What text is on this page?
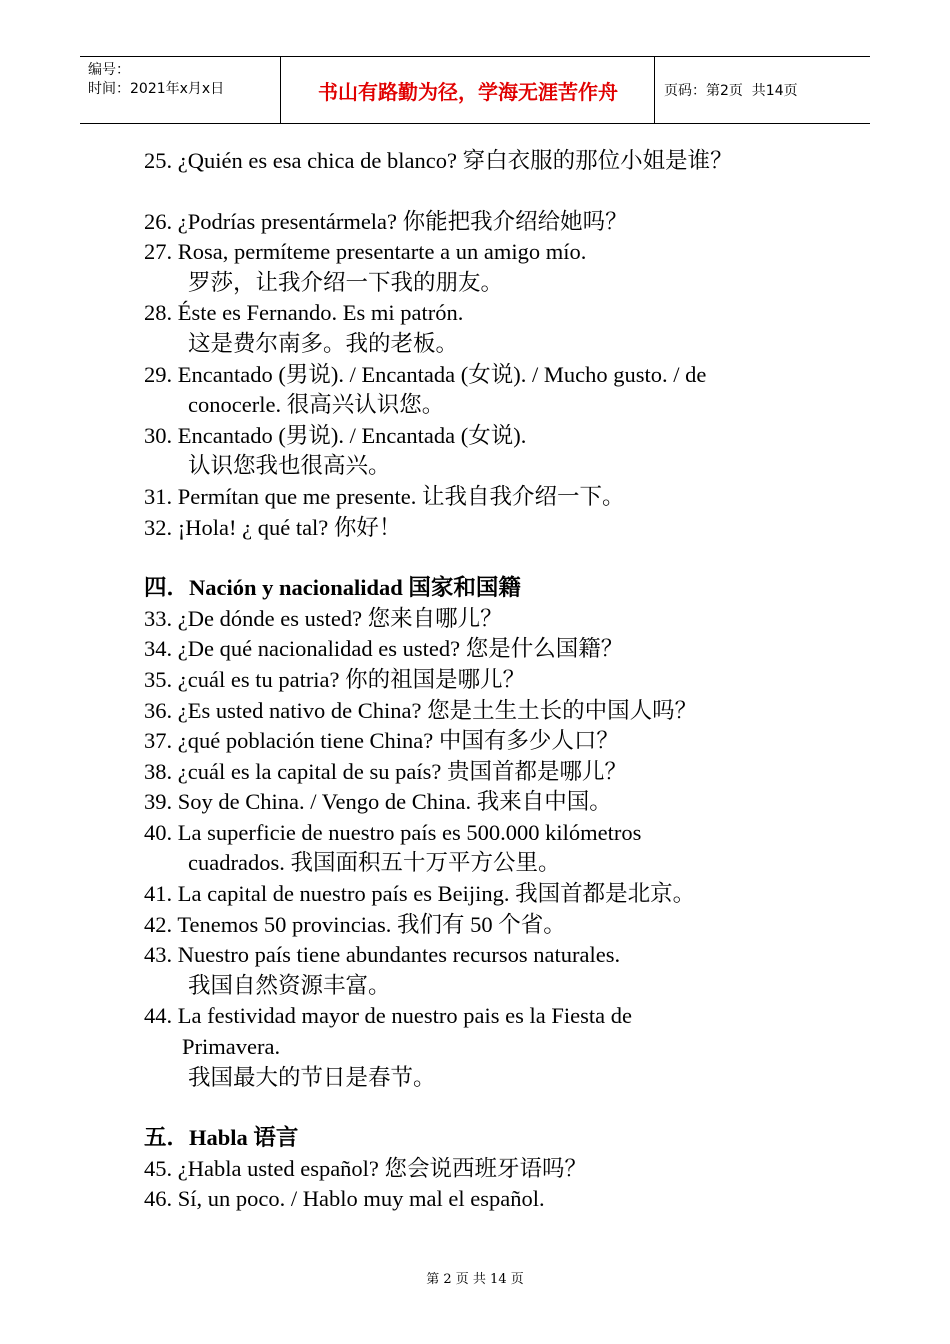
编号：
时间：2021年x月x日	书山有路勤为径，学海无涯苦作舟	页码：第2页  共14页
25. ¿Quién es esa chica de blanco? 穿白衣服的那位小姐是谁？
26. ¿Podrías presentármela? 你能把我介绍给她吗？
27. Rosa, permíteme presentarte a un amigo mío.
罗莎，让我介绍一下我的朋友。
28. Éste es Fernando. Es mi patrón.
这是费尔南多。我的老板。
29. Encantado (男说). / Encantada (女说). / Mucho gusto. / de
conocerle. 很高兴认识您。
30. Encantado (男说). / Encantada (女说).
认识您我也很高兴。
31. Permítan que me presente. 让我自我介绍一下。
32. ¡Hola! ¿ qué tal? 你好！
四．Nación y nacionalidad 国家和国籍
33. ¿De dónde es usted? 您来自哪儿？
34. ¿De qué nacionalidad es usted? 您是什么国籍？
35. ¿cuál es tu patria? 你的祖国是哪儿？
36. ¿Es usted nativo de China? 您是土生土长的中国人吗？
37. ¿qué población tiene China? 中国有多少人口？
38. ¿cuál es la capital de su país? 贵国首都是哪儿？
39. Soy de China. / Vengo de China. 我来自中国。
40. La superficie de nuestro país es 500.000 kilómetros
cuadrados. 我国面积五十万平方公里。
41. La capital de nuestro país es Beijing. 我国首都是北京。
42. Tenemos 50 provincias. 我们有 50 个省。
43. Nuestro país tiene abundantes recursos naturales.
我国自然资源丰富。
44. La festividad mayor de nuestro pais es la Fiesta de
Primavera.
我国最大的节日是春节。
五．Habla 语言
45. ¿Habla usted español? 您会说西班牙语吗？
46. Sí, un poco. / Hablo muy mal el español.
第 2 页 共 14 页
